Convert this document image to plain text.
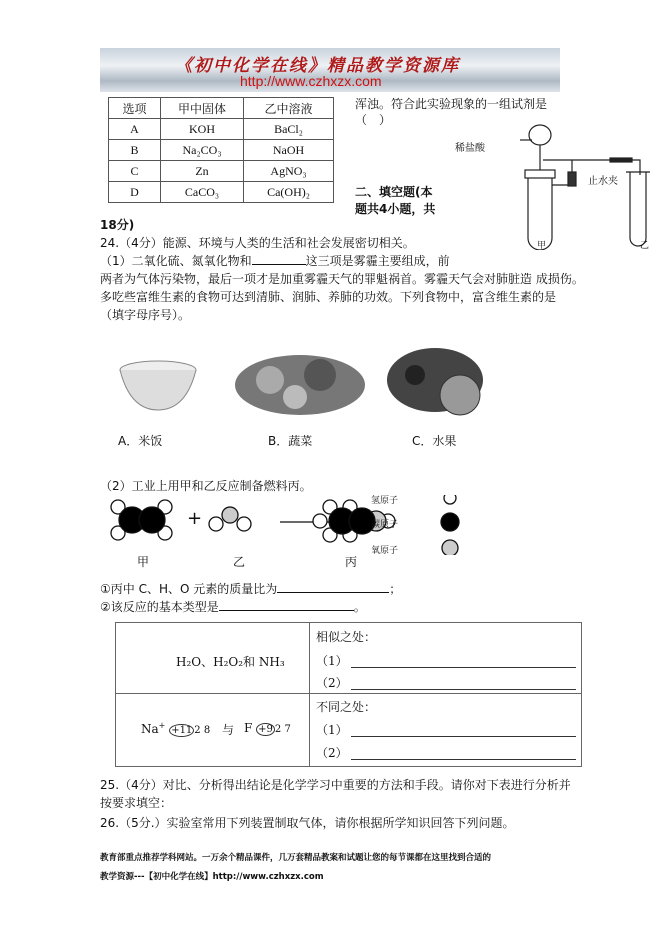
《初中化学在线》精品教学资源库
http://www.czhxzx.com
选项	甲中固体	乙中溶液
A	KOH	BaCl₂
B	Na₂CO₃	NaOH
C	Zn	AgNO₃
D	CaCO₃	Ca(OH)₂
浑浊。符合此实验现象的一组试剂是
（　）
稀盐酸
止水夹
甲	乙
二、填空题(本
题共4小题，共
18分)
24.（4分）能源、环境与人类的生活和社会发展密切相关。
（1）二氧化硫、氮氧化物和	这三项是雾霾主要组成，前
两者为气体污染物，最后一项才是加重雾霾天气的罪魁祸首。雾霾天气会对肺脏造 成损伤。
多吃些富维生素的食物可达到清肺、润肺、养肺的功效。下列食物中，富含维生素的是
（填字母序号）。
A．米饭	B．蔬菜	C．水果
（2）工业上用甲和乙反应制备燃料丙。
+
氢原子
碳原子
氧原子
甲	乙	丙
①丙中 C、H、O 元素的质量比为	；
②该反应的基本类型是	。
H₂O、H₂O₂和 NH₃
相似之处：
（1）
（2）
不同之处：
（1）
（2）
Na+ +11 2 8 与 F +9 2 7
25.（4分）对比、分析得出结论是化学学习中重要的方法和手段。请你对下表进行分析并
按要求填空：
26.（5分.）实验室常用下列装置制取气体，请你根据所学知识回答下列问题。
教育部重点推荐学科网站。一万余个精品课件，几万套精品教案和试题让您的每节课都在这里找到合适的
教学资源---【初中化学在线】http://www.czhxzx.com
